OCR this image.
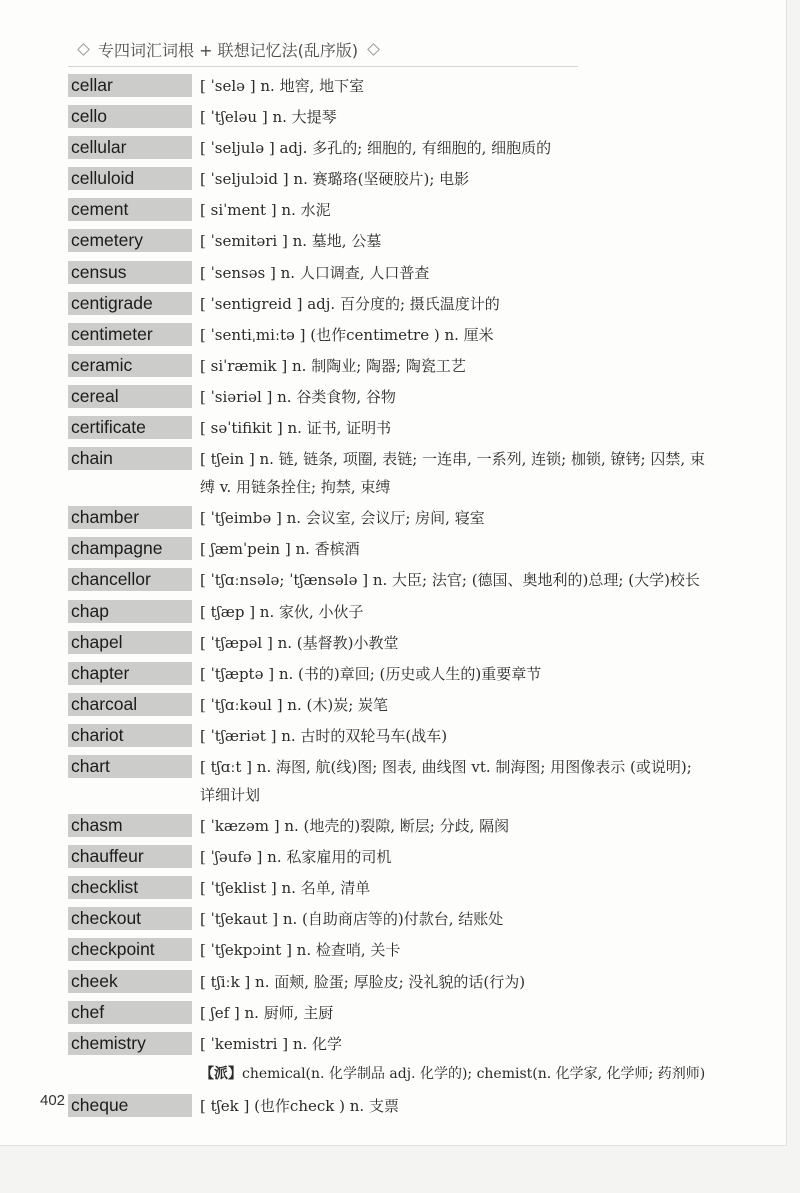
专四词汇词根 + 联想记忆法(乱序版)
cellar	[ ˈselə ] n. 地窖, 地下室
cello	[ ˈtʃeləu ] n. 大提琴
cellular	[ ˈseljulə ] adj. 多孔的; 细胞的, 有细胞的, 细胞质的
celluloid	[ ˈseljulɔid ] n. 赛璐珞(坚硬胶片); 电影
cement	[ siˈment ] n. 水泥
cemetery	[ ˈsemitəri ] n. 墓地, 公墓
census	[ ˈsensəs ] n. 人口调查, 人口普查
centigrade	[ ˈsentigreid ] adj. 百分度的; 摄氏温度计的
centimeter	[ ˈsentiˌmiːtə ] (也作centimetre ) n. 厘米
ceramic	[ siˈræmik ] n. 制陶业; 陶器; 陶瓷工艺
cereal	[ ˈsiəriəl ] n. 谷类食物, 谷物
certificate	[ səˈtifikit ] n. 证书, 证明书
chain	[ tʃein ] n. 链, 链条, 项圈, 表链; 一连串, 一系列, 连锁; 枷锁, 镣铐; 囚禁, 束缚 v. 用链条拴住; 拘禁, 束缚
chamber	[ ˈtʃeimbə ] n. 会议室, 会议厅; 房间, 寝室
champagne	[ ʃæmˈpein ] n. 香槟酒
chancellor	[ ˈtʃɑːnsələ; ˈtʃænsələ ] n. 大臣; 法官; (德国、奥地利的)总理; (大学)校长
chap	[ tʃæp ] n. 家伙, 小伙子
chapel	[ ˈtʃæpəl ] n. (基督教)小教堂
chapter	[ ˈtʃæptə ] n. (书的)章回; (历史或人生的)重要章节
charcoal	[ ˈtʃɑːkəul ] n. (木)炭; 炭笔
chariot	[ ˈtʃæriət ] n. 古时的双轮马车(战车)
chart	[ tʃɑːt ] n. 海图, 航(线)图; 图表, 曲线图 vt. 制海图; 用图像表示 (或说明); 详细计划
chasm	[ ˈkæzəm ] n. (地壳的)裂隙, 断层; 分歧, 隔阂
chauffeur	[ ˈʃəufə ] n. 私家雇用的司机
checklist	[ ˈtʃeklist ] n. 名单, 清单
checkout	[ ˈtʃekaut ] n. (自助商店等的)付款台, 结账处
checkpoint	[ ˈtʃekpɔint ] n. 检查哨, 关卡
cheek	[ tʃiːk ] n. 面颊, 脸蛋; 厚脸皮; 没礼貌的话(行为)
chef	[ ʃef ] n. 厨师, 主厨
chemistry	[ ˈkemistri ] n. 化学
【派】chemical(n. 化学制品 adj. 化学的); chemist(n. 化学家, 化学师; 药剂师)
cheque	[ tʃek ] (也作check ) n. 支票
402
